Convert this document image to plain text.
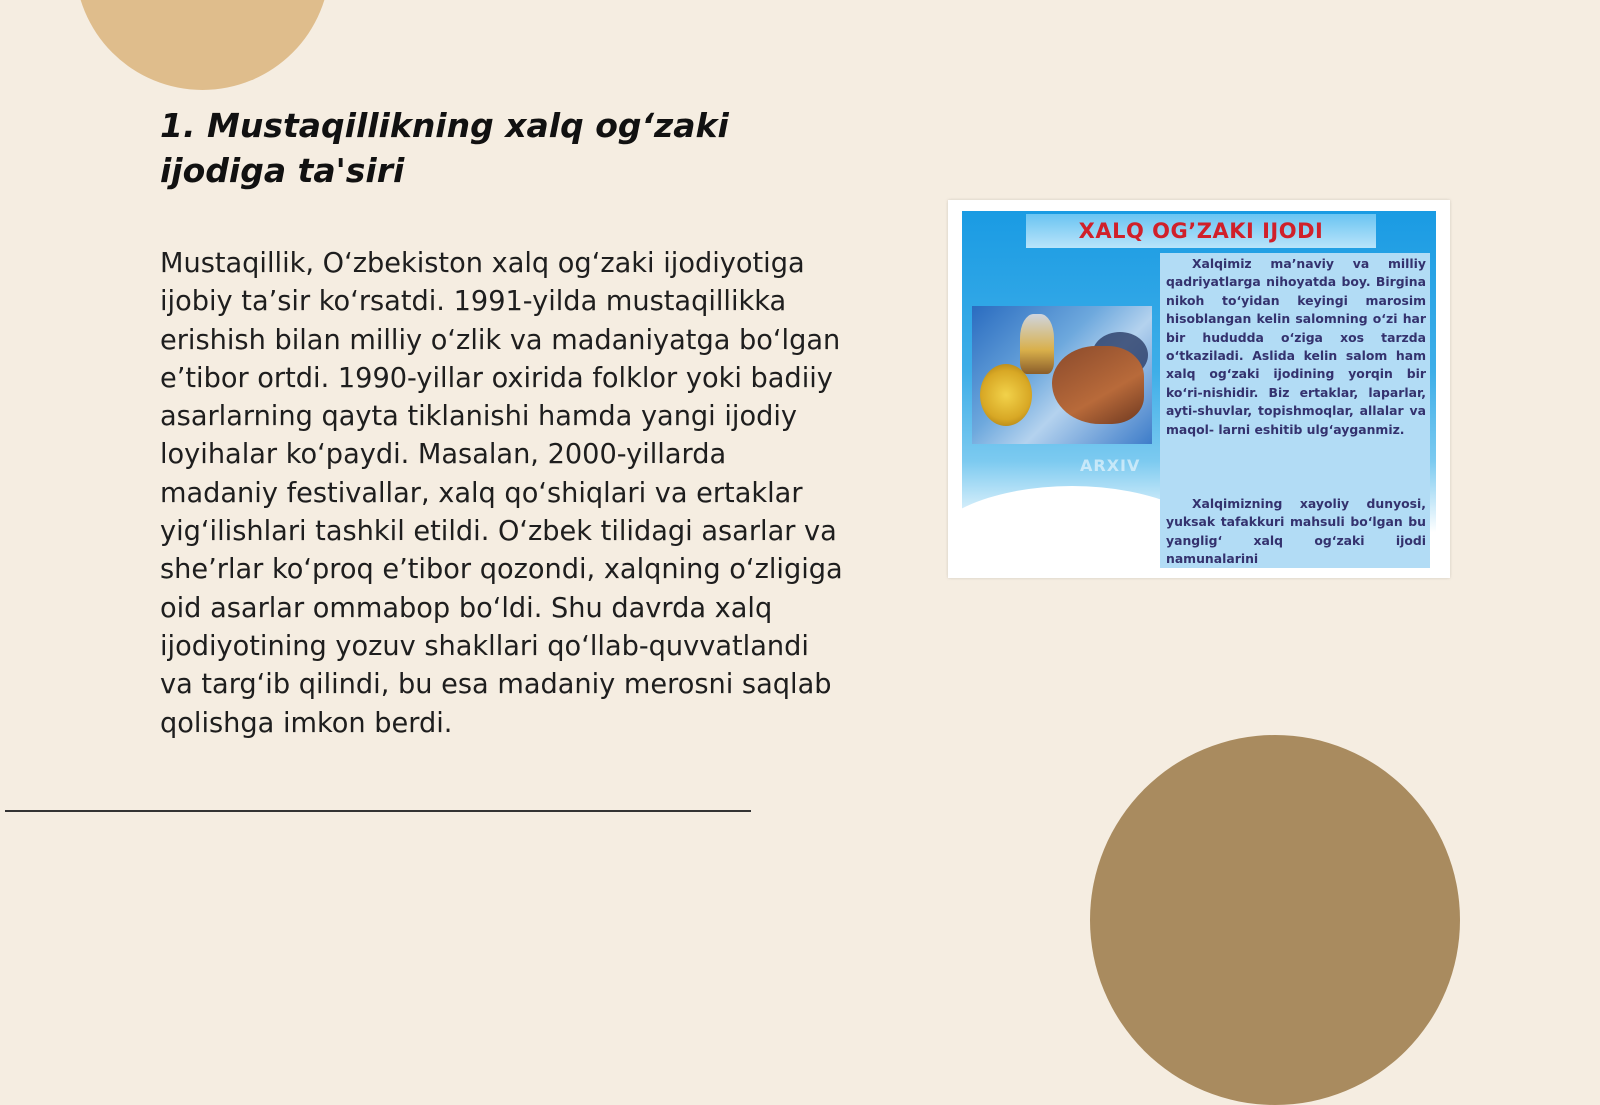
1. Mustaqillikning xalq og‘zaki ijodiga ta'siri

Mustaqillik, O‘zbekiston xalq og‘zaki ijodiyotiga ijobiy ta’sir ko‘rsatdi. 1991-yilda mustaqillikka erishish bilan milliy o‘zlik va madaniyatga bo‘lgan e’tibor ortdi. 1990-yillar oxirida folklor yoki badiiy asarlarning qayta tiklanishi hamda yangi ijodiy loyihalar ko‘paydi. Masalan, 2000-yillarda madaniy festivallar, xalq qo‘shiqlari va ertaklar yig‘ilishlari tashkil etildi. O‘zbek tilidagi asarlar va she’rlar ko‘proq e’tibor qozondi, xalqning o‘zligiga oid asarlar ommabop bo‘ldi. Shu davrda xalq ijodiyotining yozuv shakllari qo‘llab-quvvatlandi va targ‘ib qilindi, bu esa madaniy merosni saqlab qolishga imkon berdi.

XALQ OG’ZAKI IJODI
ARXIV
ARXIV

Xalqimiz ma’naviy va milliy qadriyatlarga nihoyatda boy. Birgina nikoh to‘yidan keyingi marosim hisoblangan kelin salomning o‘zi har bir hududda o‘ziga xos tarzda o‘tkaziladi. Aslida kelin salom ham xalq og‘zaki ijodining yorqin bir ko‘ri-nishidir. Biz ertaklar, laparlar, ayti-shuvlar, topishmoqlar, allalar va maqol- larni eshitib ulg‘ayganmiz.

Xalqimizning xayoliy dunyosi, yuksak tafakkuri mahsuli bo‘lgan bu yanglig‘ xalq og‘zaki ijodi namunalarini
